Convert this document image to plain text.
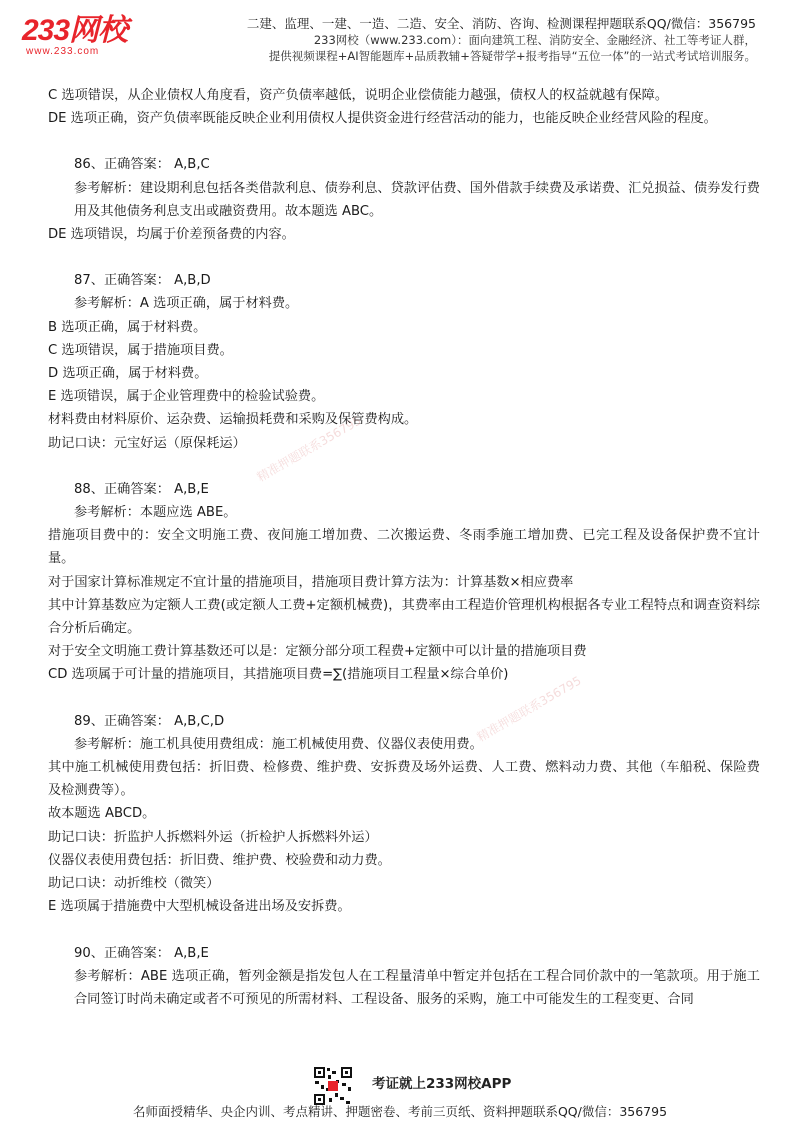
233网校
www.233.com
二建、监理、一建、一造、二造、安全、消防、咨询、检测课程押题联系QQ/微信：356795
233网校（www.233.com）：面向建筑工程、消防安全、金融经济、社工等考证人群，
提供视频课程+AI智能题库+品质教辅+答疑带学+报考指导“五位一体”的一站式考试培训服务。
精准押题联系356795
精准押题联系356795

C 选项错误，从企业债权人角度看，资产负债率越低，说明企业偿债能力越强，债权人的权益就越有保障。

DE 选项正确，资产负债率既能反映企业利用债权人提供资金进行经营活动的能力，也能反映企业经营风险的程度。

86、正确答案： A,B,C

参考解析：建设期利息包括各类借款利息、债券利息、贷款评估费、国外借款手续费及承诺费、汇兑损益、债券发行费用及其他债务利息支出或融资费用。故本题选 ABC。

DE 选项错误，均属于价差预备费的内容。

87、正确答案： A,B,D

参考解析：A 选项正确，属于材料费。

B 选项正确，属于材料费。

C 选项错误，属于措施项目费。

D 选项正确，属于材料费。

E 选项错误，属于企业管理费中的检验试验费。

材料费由材料原价、运杂费、运输损耗费和采购及保管费构成。

助记口诀：元宝好运（原保耗运）

88、正确答案： A,B,E

参考解析：本题应选 ABE。

措施项目费中的：安全文明施工费、夜间施工增加费、二次搬运费、冬雨季施工增加费、已完工程及设备保护费不宜计量。

对于国家计算标准规定不宜计量的措施项目，措施项目费计算方法为：计算基数×相应费率

其中计算基数应为定额人工费(或定额人工费+定额机械费)，其费率由工程造价管理机构根据各专业工程特点和调查资料综合分析后确定。

对于安全文明施工费计算基数还可以是：定额分部分项工程费+定额中可以计量的措施项目费

CD 选项属于可计量的措施项目，其措施项目费=∑(措施项目工程量×综合单价)

89、正确答案： A,B,C,D

参考解析：施工机具使用费组成：施工机械使用费、仪器仪表使用费。

其中施工机械使用费包括：折旧费、检修费、维护费、安拆费及场外运费、人工费、燃料动力费、其他（车船税、保险费及检测费等）。

故本题选 ABCD。

助记口诀：折监护人拆燃料外运（折检护人拆燃料外运）

仪器仪表使用费包括：折旧费、维护费、校验费和动力费。

助记口诀：动折维校（微笑）

E 选项属于措施费中大型机械设备进出场及安拆费。

90、正确答案： A,B,E

参考解析：ABE 选项正确，暂列金额是指发包人在工程量清单中暂定并包括在工程合同价款中的一笔款项。用于施工合同签订时尚未确定或者不可预见的所需材料、工程设备、服务的采购，施工中可能发生的工程变更、合同

考证就上233网校APP
名师面授精华、央企内训、考点精讲、押题密卷、考前三页纸、资料押题联系QQ/微信：356795
